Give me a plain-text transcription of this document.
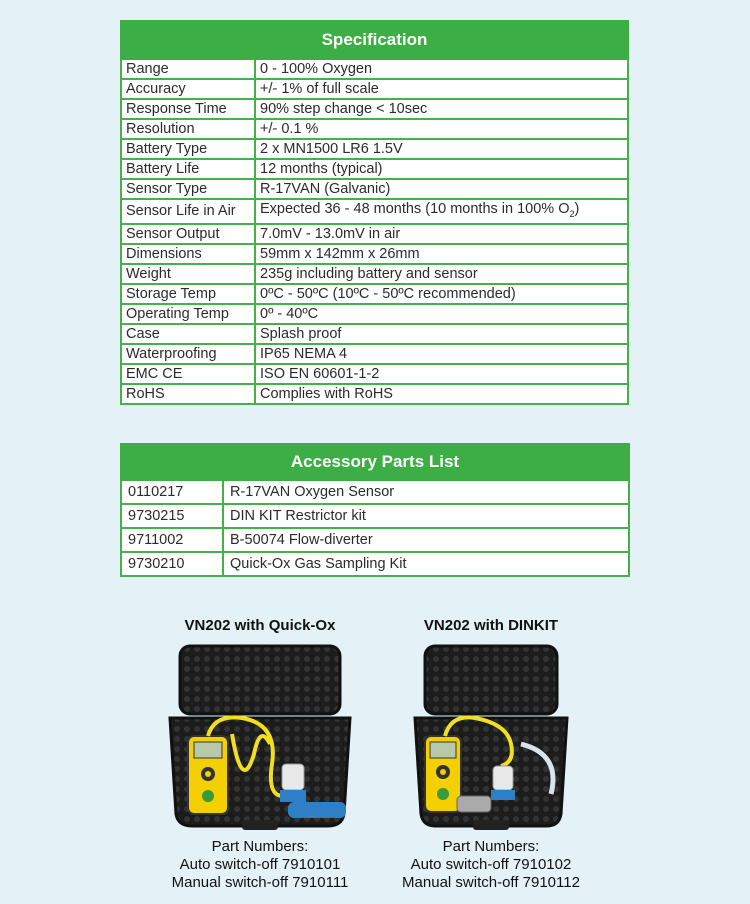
Specification	
Range	0 - 100% Oxygen
Accuracy	+/- 1% of full scale
Response Time	90% step change < 10sec
Resolution	+/- 0.1 %
Battery Type	2 x MN1500 LR6 1.5V
Battery Life	12 months (typical)
Sensor Type	R-17VAN (Galvanic)
Sensor Life in Air	Expected 36 - 48 months (10 months in 100% $O_2$)
Sensor Output	7.0mV - 13.0mV in air
Dimensions	59mm x 142mm x 26mm
Weight	235g including battery and sensor
Storage Temp	0ºC - 50ºC (10ºC - 50ºC recommended)
Operating Temp	0º - 40ºC
Case	Splash proof
Waterproofing	IP65 NEMA 4
EMC CE	ISO EN 60601-1-2
RoHS	Complies with RoHS
Accessory Parts List	
0110217	R-17VAN Oxygen Sensor
9730215	DIN KIT Restrictor kit
9711002	B-50074 Flow-diverter
9730210	Quick-Ox Gas Sampling Kit
VN202 with Quick-Ox
Part Numbers:
Auto switch-off 7910101
Manual switch-off 7910111
VN202 with DINKIT
Part Numbers:
Auto switch-off 7910102
Manual switch-off 7910112
